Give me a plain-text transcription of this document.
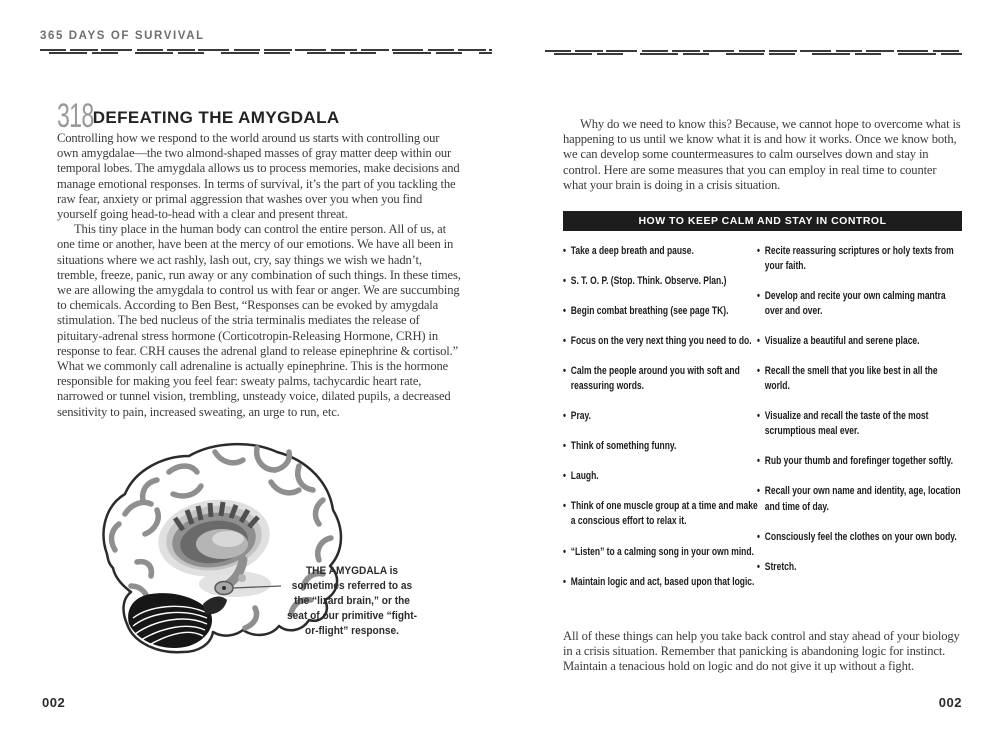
365 DAYS OF SURVIVAL
318 DEFEATING THE AMYGDALA

Controlling how we respond to the world around us starts with controlling our own amygdalae—the two almond-shaped masses of gray matter deep within our temporal lobes. The amygdala allows us to process memories, make decisions and manage emotional responses. In terms of survival, it’s the part of you tackling the raw fear, anxiety or primal aggression that washes over you when you find yourself going head-to-head with a clear and present threat.

This tiny place in the human body can control the entire person. All of us, at one time or another, have been at the mercy of our emotions. We have all been in situations where we act rashly, lash out, cry, say things we wish we hadn’t, tremble, freeze, panic, run away or any combination of such things. In these times, we are allowing the amygdala to control us with fear or anger. We are succumbing to chemicals. According to Ben Best, “Responses can be evoked by amygdala stimulation. The bed nucleus of the stria terminalis mediates the release of pituitary-adrenal stress hormone (Corticotropin-Releasing Hormone, CRH) in response to fear. CRH causes the adrenal gland to release epinephrine & cortisol.” What we commonly call adrenaline is actually epinephrine. This is the hormone responsible for making you feel fear: sweaty palms, tachycardic heart rate, narrowed or tunnel vision, trembling, unsteady voice, dilated pupils, a decreased sensitivity to pain, increased sweating, an urge to run, etc.

THE AMYGDALA is sometimes referred to as the “lizard brain,” or the seat of our primitive “fight-or-flight” response.
002

Why do we need to know this? Because, we cannot hope to overcome what is happening to us until we know what it is and how it works. Once we know both, we can develop some countermeasures to calm ourselves down and stay in control. Here are some measures that you can employ in real time to counter what your brain is doing in a crisis situation.

HOW TO KEEP CALM AND STAY IN CONTROL
• Take a deep breath and pause.
• S. T. O. P. (Stop. Think. Observe. Plan.)
• Begin combat breathing (see page TK).
• Focus on the very next thing you need to do.
• Calm the people around you with soft and reassuring words.
• Pray.
• Think of something funny.
• Laugh.
• Think of one muscle group at a time and make a conscious effort to relax it.
• “Listen” to a calming song in your own mind.
• Maintain logic and act, based upon that logic.
• Recite reassuring scriptures or holy texts from your faith.
• Develop and recite your own calming mantra over and over.
• Visualize a beautiful and serene place.
• Recall the smell that you like best in all the world.
• Visualize and recall the taste of the most scrumptious meal ever.
• Rub your thumb and forefinger together softly.
• Recall your own name and identity, age, location and time of day.
• Consciously feel the clothes on your own body.
• Stretch.

All of these things can help you take back control and stay ahead of your biology in a crisis situation. Remember that panicking is abandoning logic for instinct. Maintain a tenacious hold on logic and do not give it up without a fight.

002
